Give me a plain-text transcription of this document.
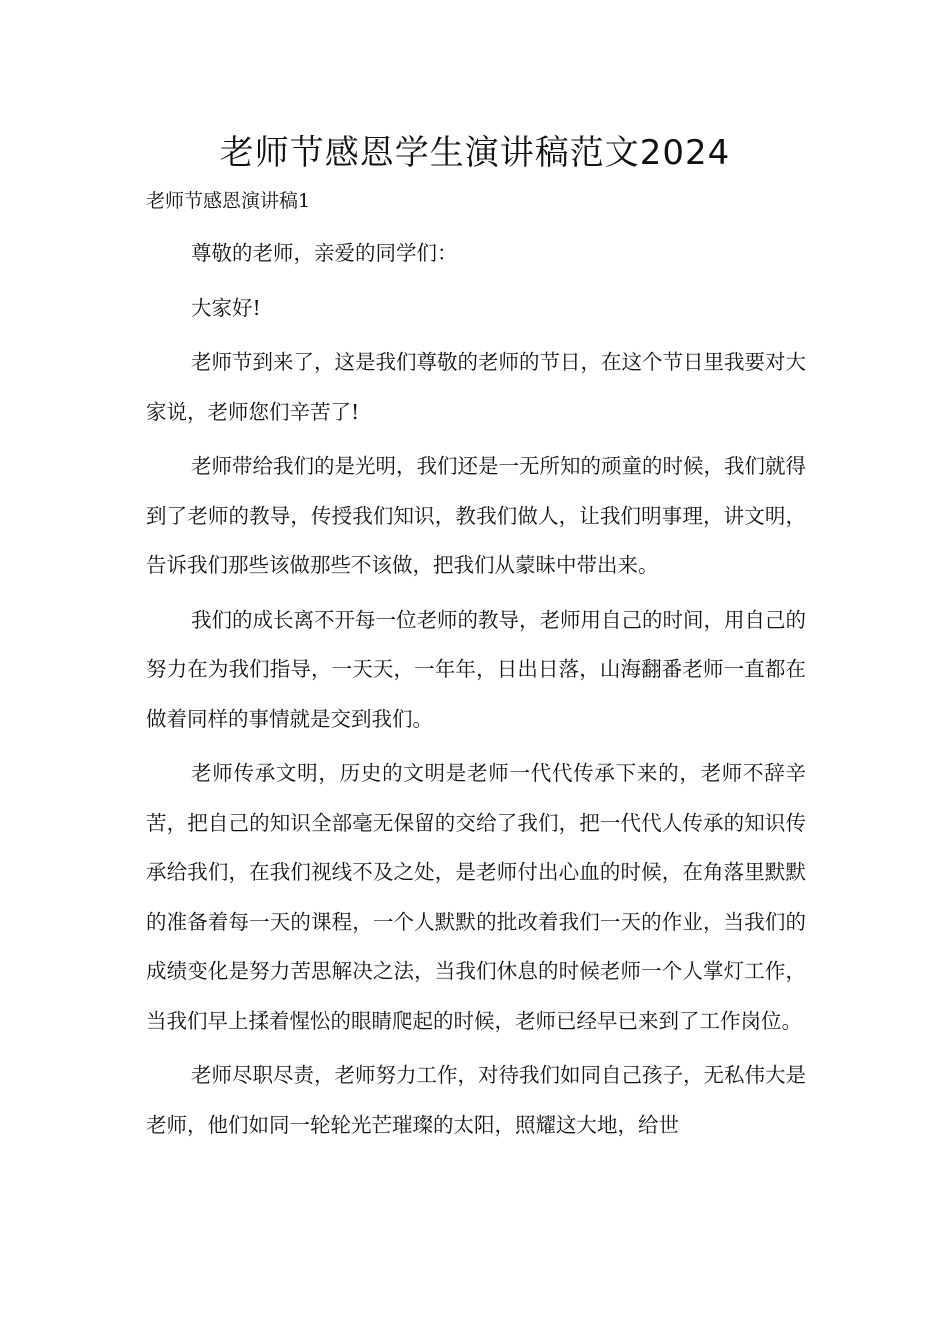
老师节感恩学生演讲稿范文2024
老师节感恩演讲稿1

尊敬的老师，亲爱的同学们：

大家好!

老师节到来了，这是我们尊敬的老师的节日，在这个节日里我要对大家说，老师您们辛苦了!

老师带给我们的是光明，我们还是一无所知的顽童的时候，我们就得到了老师的教导，传授我们知识，教我们做人，让我们明事理，讲文明，告诉我们那些该做那些不该做，把我们从蒙昧中带出来。

我们的成长离不开每一位老师的教导，老师用自己的时间，用自己的努力在为我们指导，一天天，一年年，日出日落，山海翻番老师一直都在做着同样的事情就是交到我们。

老师传承文明，历史的文明是老师一代代传承下来的，老师不辞辛苦，把自己的知识全部毫无保留的交给了我们，把一代代人传承的知识传承给我们，在我们视线不及之处，是老师付出心血的时候，在角落里默默的准备着每一天的课程，一个人默默的批改着我们一天的作业，当我们的成绩变化是努力苦思解决之法，当我们休息的时候老师一个人掌灯工作，当我们早上揉着惺忪的眼睛爬起的时候，老师已经早已来到了工作岗位。

老师尽职尽责，老师努力工作，对待我们如同自己孩子，无私伟大是老师，他们如同一轮轮光芒璀璨的太阳，照耀这大地，给世
